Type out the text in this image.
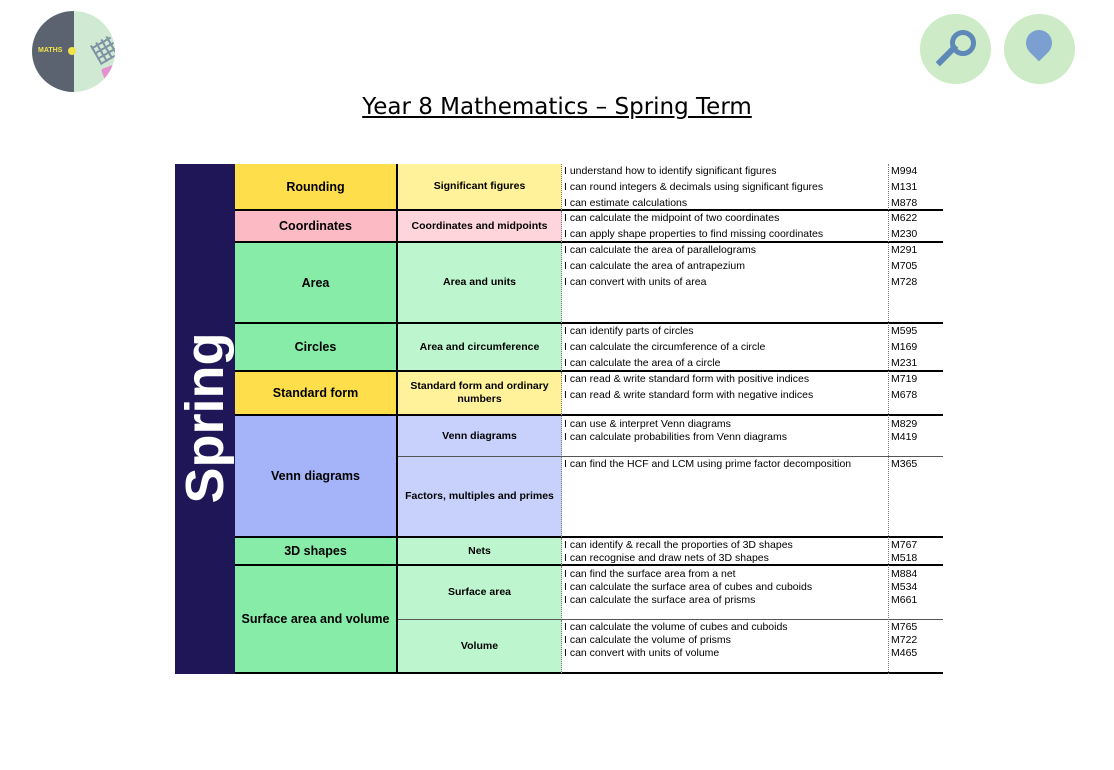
MATHS
Year 8 Mathematics – Spring Term
Spring
Rounding	Significant figures
I understand how to identify significant figures	M994
I can round integers & decimals using significant figures	M131
I can estimate calculations	M878
Coordinates	Coordinates and midpoints
I can calculate the midpoint of two coordinates	M622
I can apply shape properties to find missing coordinates	M230
Area	Area and units
I can calculate the area of parallelograms	M291
I can calculate the area of antrapezium	M705
I can convert with units of area	M728
Circles	Area and circumference
I can identify parts of circles	M595
I can calculate the circumference of a circle	M169
I can calculate the area of a circle	M231
Standard form	Standard form and ordinary numbers
I can read & write standard form with positive indices	M719
I can read & write standard form with negative indices	M678
Venn diagrams
Venn diagrams
I can use & interpret Venn diagrams	M829
I can calculate probabilities from Venn diagrams	M419
Factors, multiples and primes
I can find the HCF and LCM using prime factor decomposition	M365
3D shapes	Nets	I can identify & recall the proporties of 3D shapes	M767
I can recognise and draw nets of 3D shapes	M518
Surface area and volume
Surface area
I can find the surface area from a net	M884
I can calculate the surface area of cubes and cuboids	M534
I can calculate the surface area of prisms	M661
Volume
I can calculate the volume of cubes and cuboids	M765
I can calculate the volume of prisms	M722
I can convert with units of volume	M465
